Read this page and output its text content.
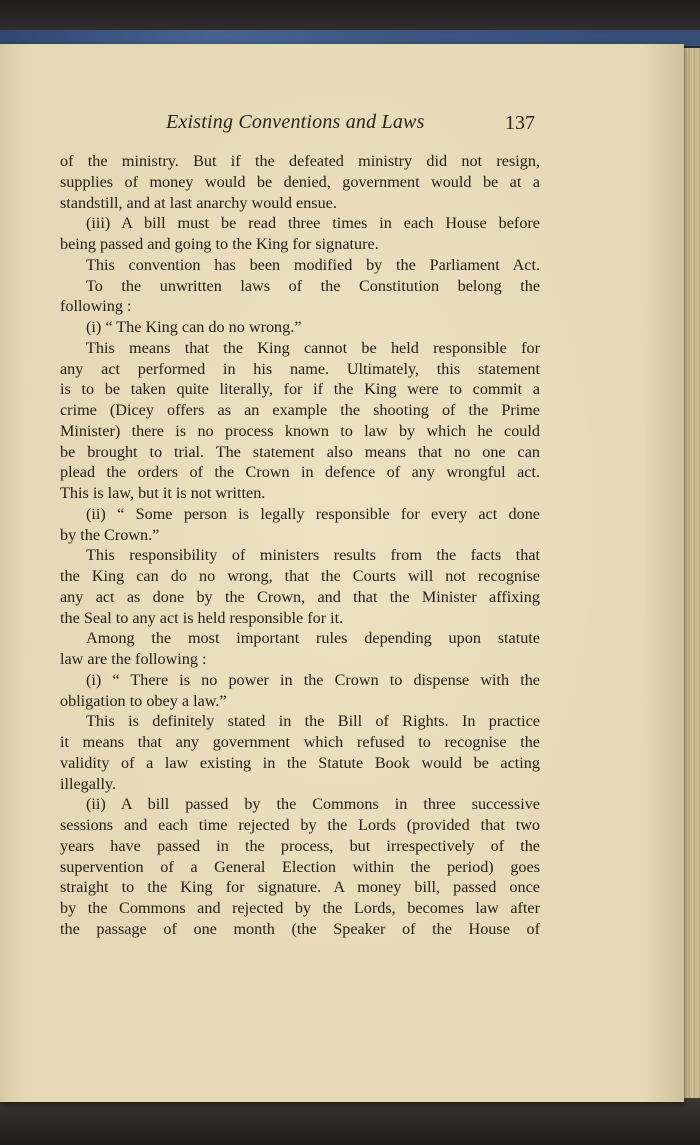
Existing Conventions and Laws	137
of the ministry. But if the defeated ministry did not resign,
supplies of money would be denied, government would be at a
standstill, and at last anarchy would ensue.
(iii) A bill must be read three times in each House before
being passed and going to the King for signature.
This convention has been modified by the Parliament Act.
To the unwritten laws of the Constitution belong the
following :
(i) “ The King can do no wrong.”
This means that the King cannot be held responsible for
any act performed in his name. Ultimately, this statement
is to be taken quite literally, for if the King were to commit a
crime (Dicey offers as an example the shooting of the Prime
Minister) there is no process known to law by which he could
be brought to trial. The statement also means that no one can
plead the orders of the Crown in defence of any wrongful act.
This is law, but it is not written.
(ii) “ Some person is legally responsible for every act done
by the Crown.”
This responsibility of ministers results from the facts that
the King can do no wrong, that the Courts will not recognise
any act as done by the Crown, and that the Minister affixing
the Seal to any act is held responsible for it.
Among the most important rules depending upon statute
law are the following :
(i) “ There is no power in the Crown to dispense with the
obligation to obey a law.”
This is definitely stated in the Bill of Rights. In practice
it means that any government which refused to recognise the
validity of a law existing in the Statute Book would be acting
illegally.
(ii) A bill passed by the Commons in three successive
sessions and each time rejected by the Lords (provided that two
years have passed in the process, but irrespectively of the
supervention of a General Election within the period) goes
straight to the King for signature. A money bill, passed once
by the Commons and rejected by the Lords, becomes law after
the passage of one month (the Speaker of the House of
